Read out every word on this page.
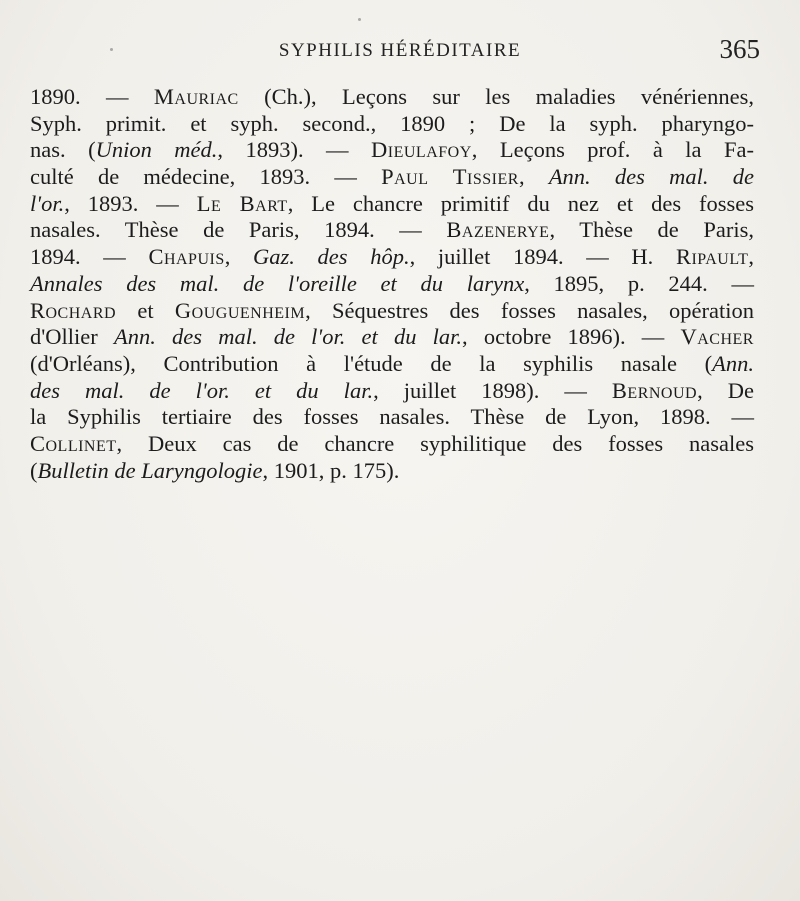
SYPHILIS HÉRÉDITAIRE	365
1890. — Mauriac (Ch.), Leçons sur les maladies vénériennes,
Syph. primit. et syph. second., 1890 ; De la syph. pharyngo-
nas. (Union méd., 1893). — Dieulafoy, Leçons prof. à la Fa-
culté de médecine, 1893. — Paul Tissier, Ann. des mal. de
l'or., 1893. — Le Bart, Le chancre primitif du nez et des fosses
nasales. Thèse de Paris, 1894. — Bazenerye, Thèse de Paris,
1894. — Chapuis, Gaz. des hôp., juillet 1894. — H. Ripault,
Annales des mal. de l'oreille et du larynx, 1895, p. 244. —
Rochard et Gouguenheim, Séquestres des fosses nasales, opération
d'Ollier Ann. des mal. de l'or. et du lar., octobre 1896). — Vacher
(d'Orléans), Contribution à l'étude de la syphilis nasale (Ann.
des mal. de l'or. et du lar., juillet 1898). — Bernoud, De
la Syphilis tertiaire des fosses nasales. Thèse de Lyon, 1898. —
Collinet, Deux cas de chancre syphilitique des fosses nasales
(Bulletin de Laryngologie, 1901, p. 175).
